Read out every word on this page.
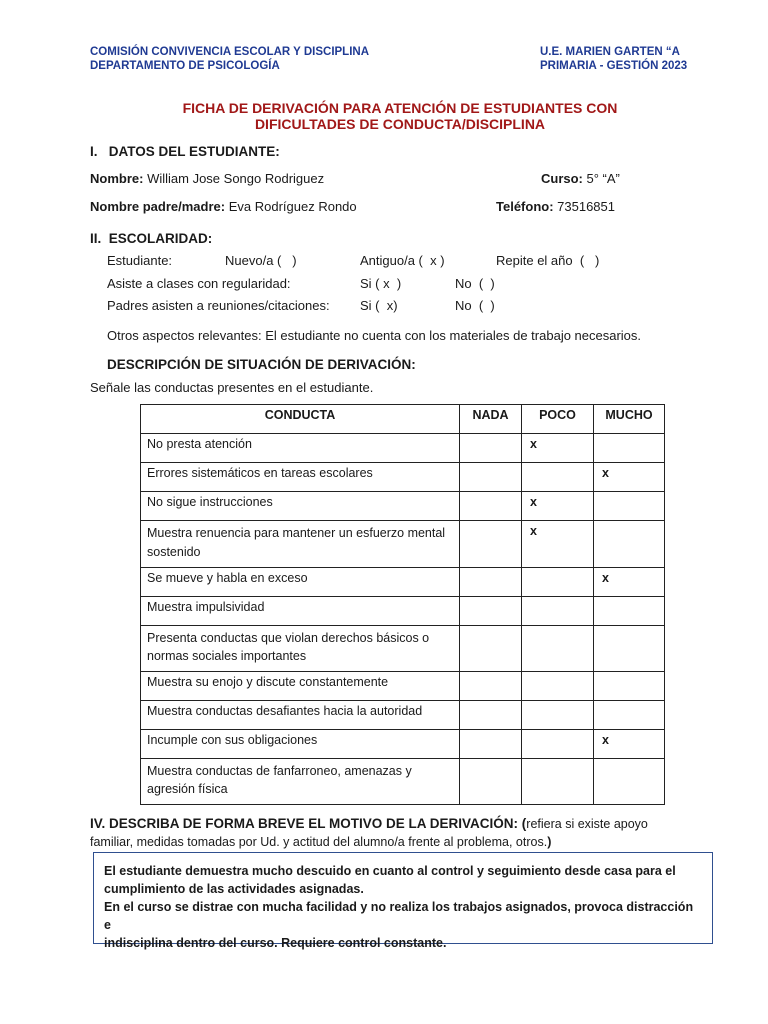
COMISIÓN CONVIVENCIA ESCOLAR Y DISCIPLINA
DEPARTAMENTO DE PSICOLOGÍA
U.E. MARIEN GARTEN “A
PRIMARIA - GESTIÓN 2023
FICHA DE DERIVACIÓN PARA ATENCIÓN DE ESTUDIANTES CON
DIFICULTADES DE CONDUCTA/DISCIPLINA
I.   DATOS DEL ESTUDIANTE:
Nombre: William Jose Songo Rodriguez	Curso: 5° “A”
Nombre padre/madre: Eva Rodríguez Rondo	Teléfono: 73516851
II.  ESCOLARIDAD:
Estudiante:	Nuevo/a (   )	Antiguo/a (  x )	Repite el año  (   )
Asiste a clases con regularidad:	Si ( x  )	No  (  )
Padres asisten a reuniones/citaciones: Si (  x)	No  (  )
Otros aspectos relevantes: El estudiante no cuenta con los materiales de trabajo necesarios.
DESCRIPCIÓN DE SITUACIÓN DE DERIVACIÓN:
Señale las conductas presentes en el estudiante.
CONDUCTA	NADA	POCO	MUCHO
No presta atención		x	
Errores sistemáticos en tareas escolares			x
No sigue instrucciones		x	
Muestra renuencia para mantener un esfuerzo mental sostenido		x	
Se mueve y habla en exceso			x
Muestra impulsividad			
Presenta conductas que violan derechos básicos o normas sociales importantes			
Muestra su enojo y discute constantemente			
Muestra conductas desafiantes hacia la autoridad			
Incumple con sus obligaciones			x
Muestra conductas de fanfarroneo, amenazas y agresión física			
IV. DESCRIBA DE FORMA BREVE EL MOTIVO DE LA DERIVACIÓN: (refiera si existe apoyo familiar, medidas tomadas por Ud. y actitud del alumno/a frente al problema, otros.)
El estudiante demuestra mucho descuido en cuanto al control y seguimiento desde casa para el
cumplimiento de las actividades asignadas.
En el curso se distrae con mucha facilidad y no realiza los trabajos asignados, provoca distracción e
indisciplina dentro del curso. Requiere control constante.
